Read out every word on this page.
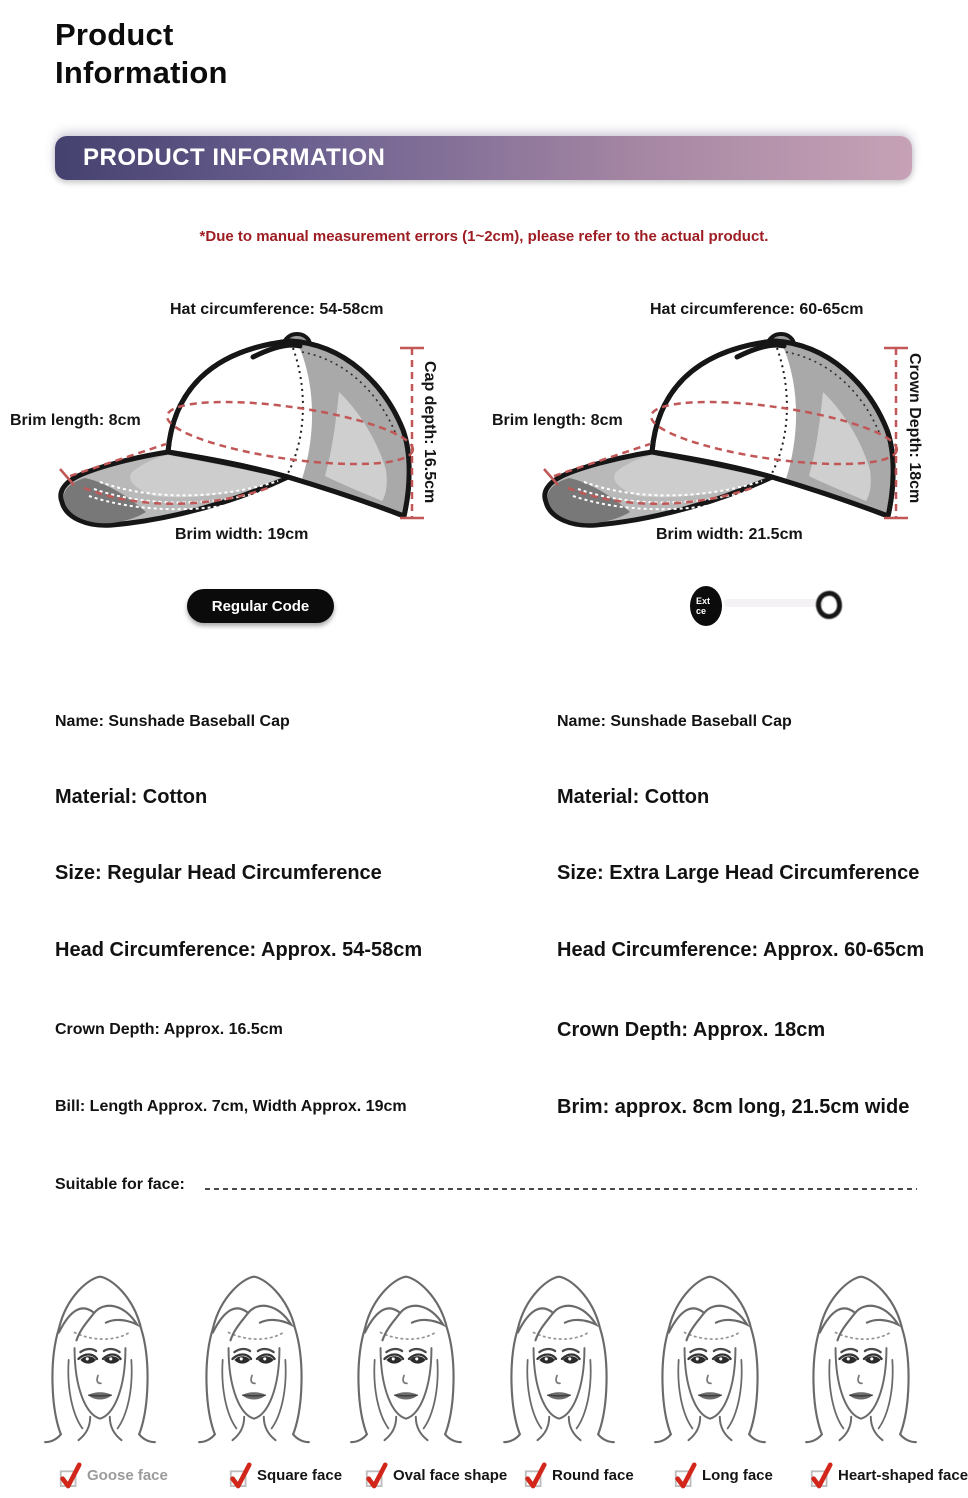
Product
Information
PRODUCT INFORMATION
*Due to manual measurement errors (1~2cm), please refer to the actual product.
Hat circumference: 54-58cm
Brim length: 8cm	Cap depth: 16.5cm
Brim width: 19cm
Regular Code
Hat circumference: 60-65cm
Brim length: 8cm	Crown Depth: 18cm
Brim width: 21.5cm
Ext
ce
Name: Sunshade Baseball Cap
Material: Cotton
Size: Regular Head Circumference
Head Circumference: Approx. 54-58cm
Crown Depth: Approx. 16.5cm
Bill: Length Approx. 7cm, Width Approx. 19cm
Name: Sunshade Baseball Cap
Material: Cotton
Size: Extra Large Head Circumference
Head Circumference: Approx. 60-65cm
Crown Depth: Approx. 18cm
Brim: approx. 8cm long, 21.5cm wide
Suitable for face:
Goose face	Square face	Oval face shape	Round face	Long face	Heart-shaped face
